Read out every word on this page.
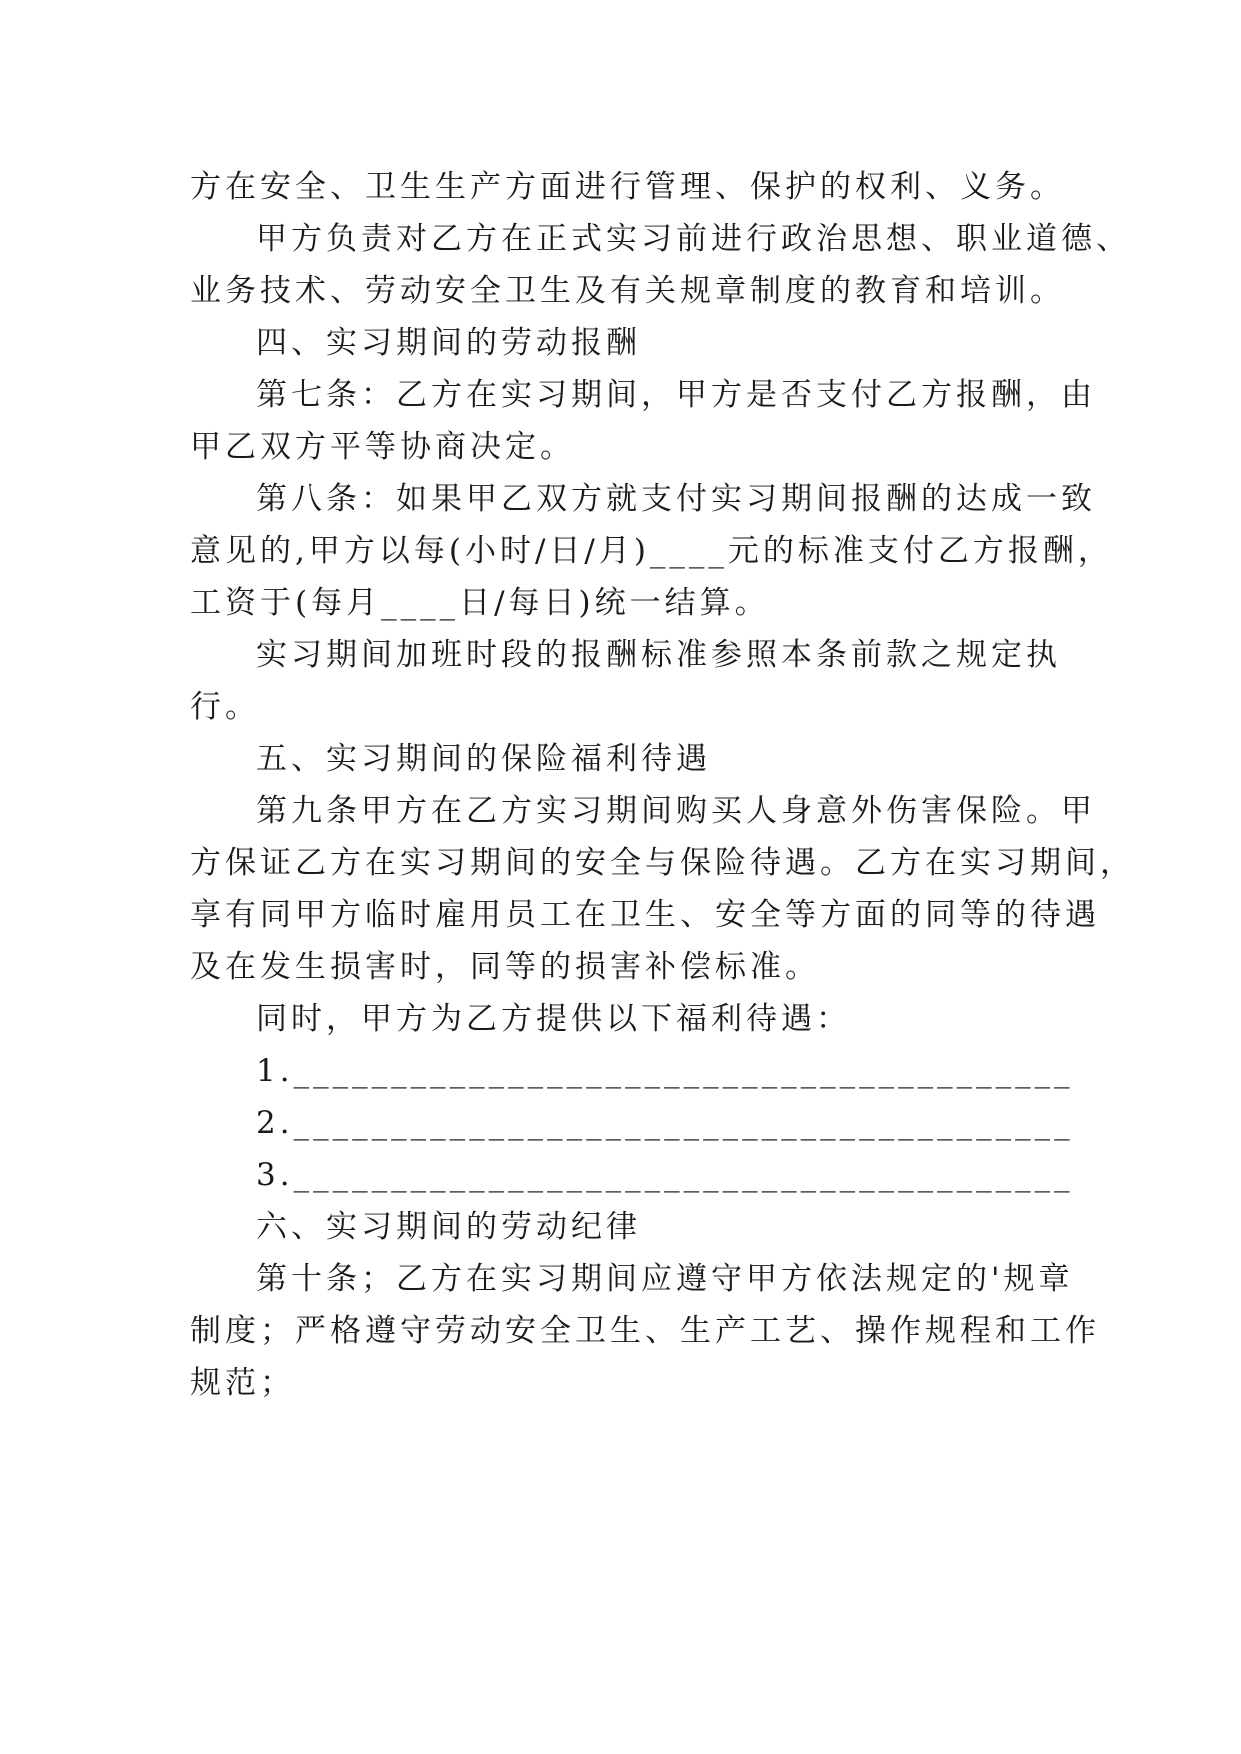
方在安全、卫生生产方面进行管理、保护的权利、义务。
甲方负责对乙方在正式实习前进行政治思想、职业道德、
业务技术、劳动安全卫生及有关规章制度的教育和培训。
四、实习期间的劳动报酬
第七条：乙方在实习期间，甲方是否支付乙方报酬，由
甲乙双方平等协商决定。
第八条：如果甲乙双方就支付实习期间报酬的达成一致
意见的,甲方以每(小时/日/月)____元的标准支付乙方报酬，
工资于(每月____日/每日)统一结算。
实习期间加班时段的报酬标准参照本条前款之规定执
行。
五、实习期间的保险福利待遇
第九条甲方在乙方实习期间购买人身意外伤害保险。甲
方保证乙方在实习期间的安全与保险待遇。乙方在实习期间，
享有同甲方临时雇用员工在卫生、安全等方面的同等的待遇
及在发生损害时，同等的损害补偿标准。
同时，甲方为乙方提供以下福利待遇：
1.________________________________________
2.________________________________________
3.________________________________________
六、实习期间的劳动纪律
第十条；乙方在实习期间应遵守甲方依法规定的'规章
制度；严格遵守劳动安全卫生、生产工艺、操作规程和工作
规范；
